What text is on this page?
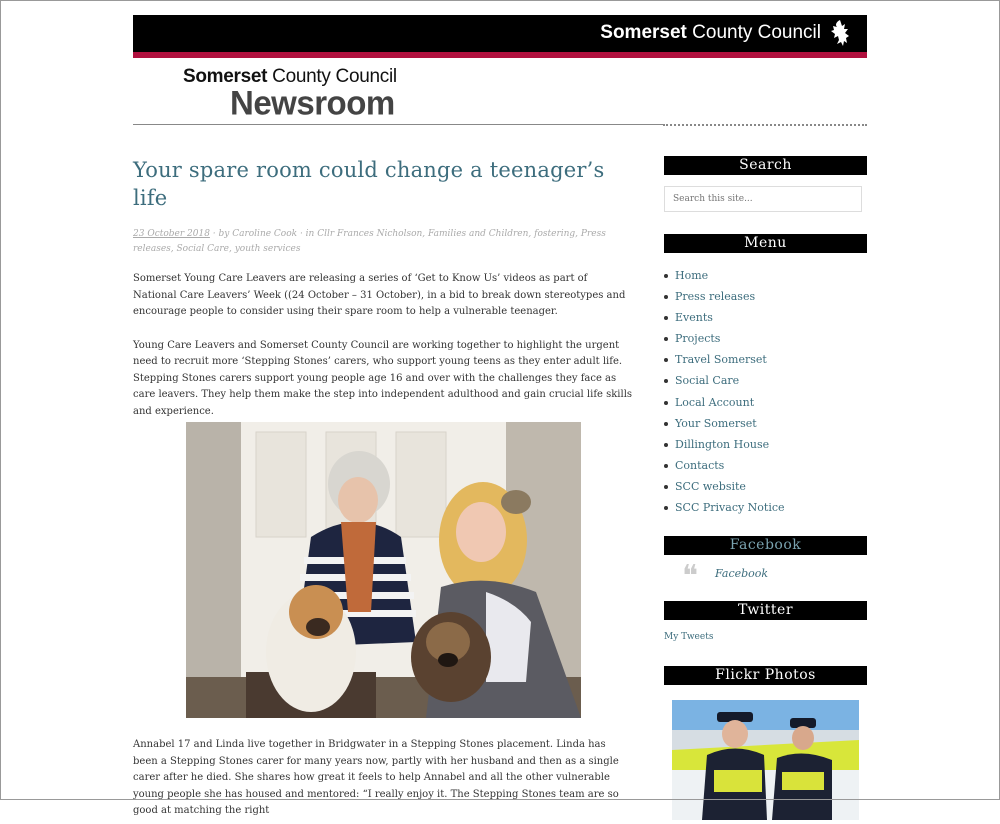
Somerset County Council
Somerset County Council
Newsroom
Your spare room could change a teenager’s life
23 October 2018 · by Caroline Cook · in Cllr Frances Nicholson, Families and Children, fostering, Press releases, Social Care, youth services

Somerset Young Care Leavers are releasing a series of ‘Get to Know Us’ videos as part of National Care Leavers’ Week ((24 October – 31 October), in a bid to break down stereotypes and encourage people to consider using their spare room to help a vulnerable teenager.

Young Care Leavers and Somerset County Council are working together to highlight the urgent need to recruit more ‘Stepping Stones’ carers, who support young teens as they enter adult life. Stepping Stones carers support young people age 16 and over with the challenges they face as care leavers. They help them make the step into independent adulthood and gain crucial life skills and experience.

Annabel 17 and Linda live together in Bridgwater in a Stepping Stones placement. Linda has been a Stepping Stones carer for many years now, partly with her husband and then as a single carer after he died. She shares how great it feels to help Annabel and all the other vulnerable young people she has housed and mentored: “I really enjoy it. The Stepping Stones team are so good at matching the right

Search
Search this site...
Menu
Home
Press releases
Events
Projects
Travel Somerset
Social Care
Local Account
Your Somerset
Dillington House
Contacts
SCC website
SCC Privacy Notice
Facebook
❝ Facebook
Twitter
My Tweets
Flickr Photos
